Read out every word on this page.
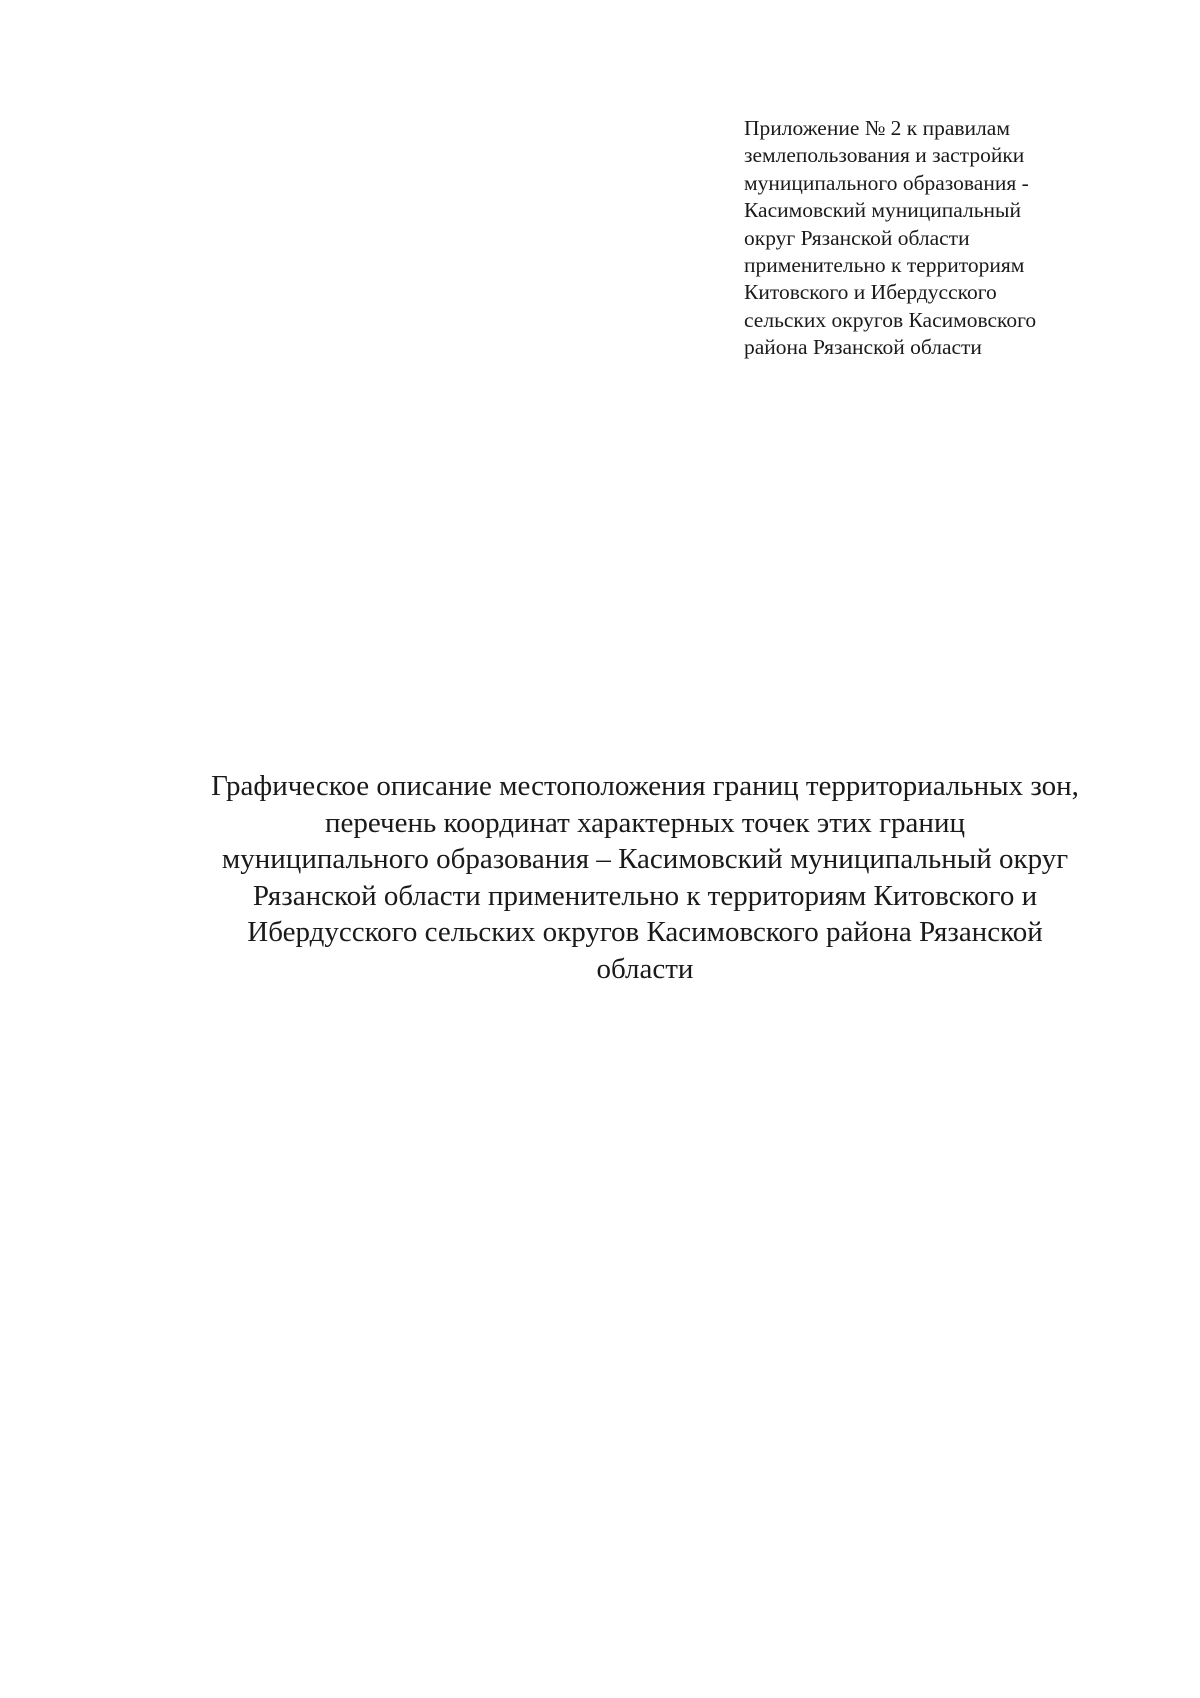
Приложение № 2 к правилам
землепользования и застройки
муниципального образования -
Касимовский муниципальный
округ Рязанской области
применительно к территориям
Китовского и Ибердусского
сельских округов Касимовского
района Рязанской области
Графическое описание местоположения границ территориальных зон,
перечень координат характерных точек этих границ
муниципального образования – Касимовский муниципальный округ
Рязанской области применительно к территориям Китовского и
Ибердусского сельских округов Касимовского района Рязанской
области
